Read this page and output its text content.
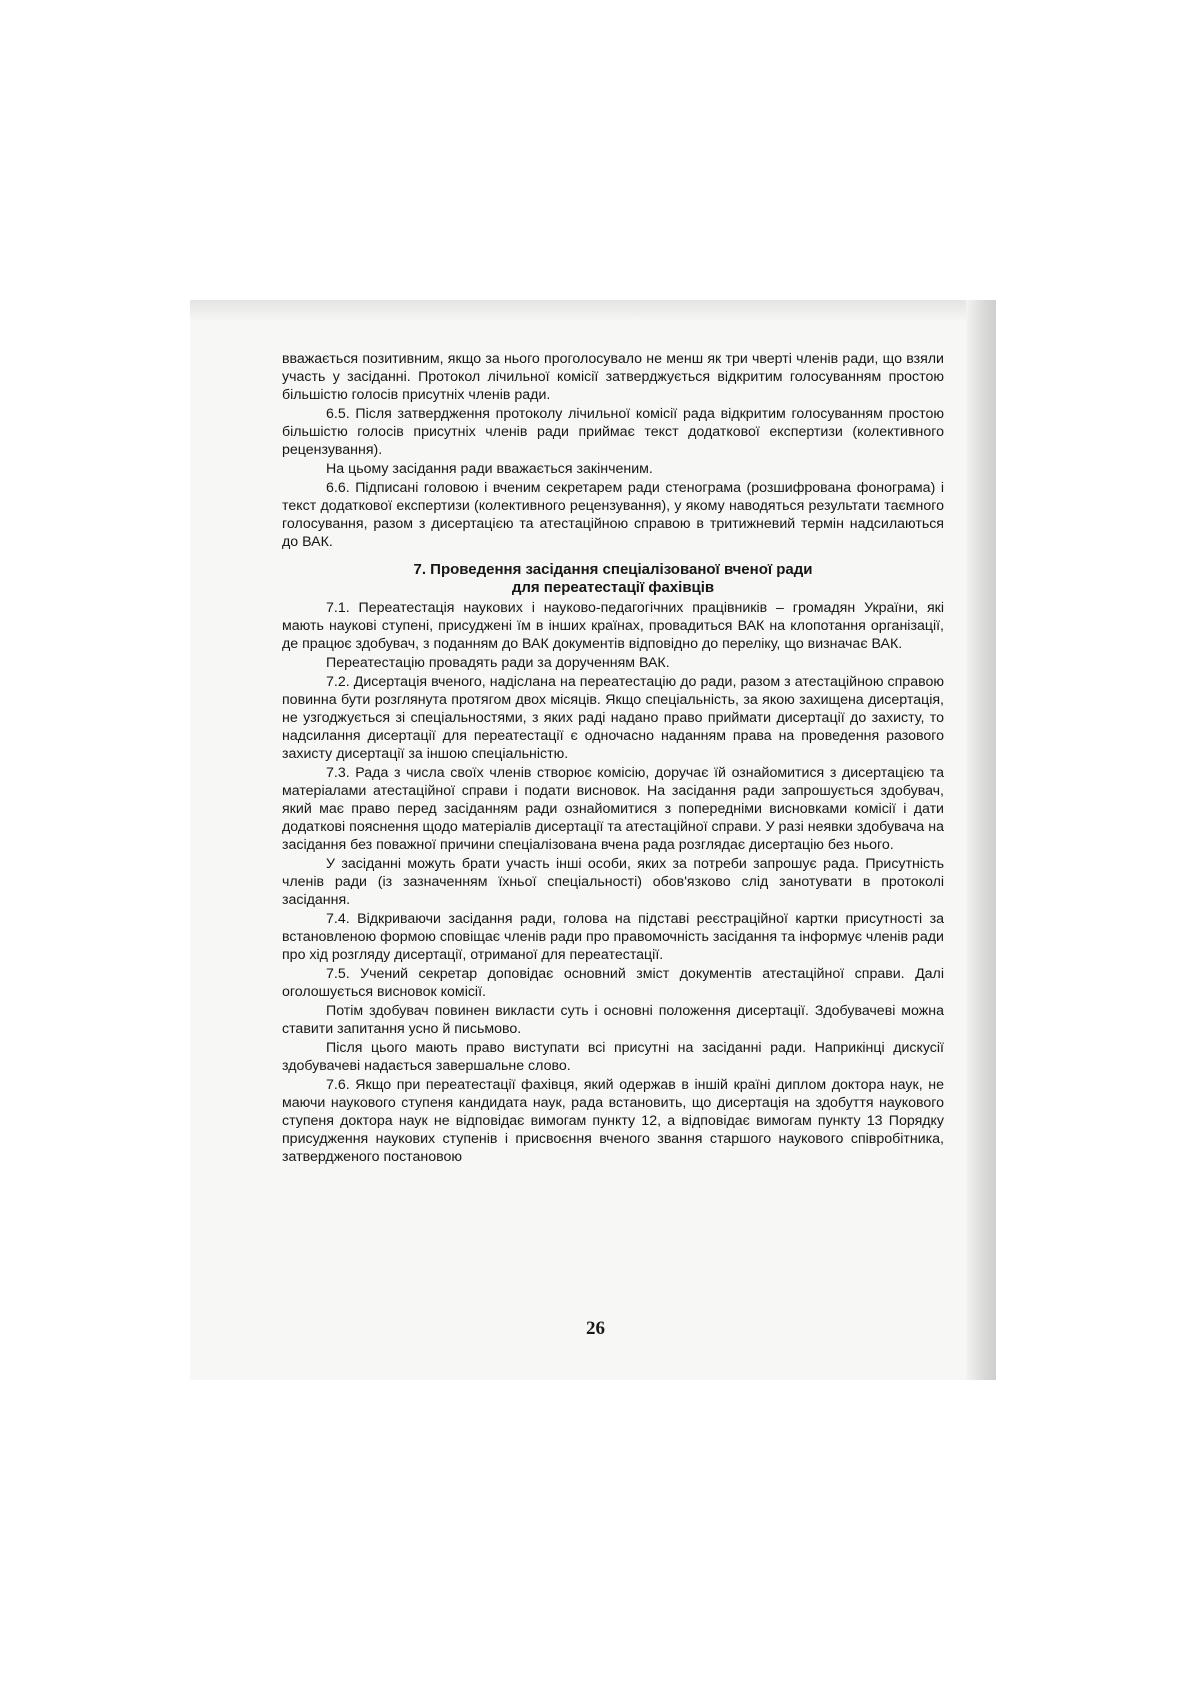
вважається позитивним, якщо за нього проголосувало не менш як три чверті членів ради, що взяли участь у засіданні. Протокол лічильної комісії затверджується відкритим голосуванням простою більшістю голосів присутніх членів ради.

6.5. Після затвердження протоколу лічильної комісії рада відкритим голосуванням простою більшістю голосів присутніх членів ради приймає текст додаткової експертизи (колективного рецензування).

На цьому засідання ради вважається закінченим.

6.6. Підписані головою і вченим секретарем ради стенограма (розшифрована фонограма) і текст додаткової експертизи (колективного рецензування), у якому наводяться результати таємного голосування, разом з дисертацією та атестаційною справою в тритижневий термін надсилаються до ВАК.

7. Проведення засідання спеціалізованої вченої ради
для переатестації фахівців

7.1. Переатестація наукових і науково-педагогічних працівників – громадян України, які мають наукові ступені, присуджені їм в інших країнах, провадиться ВАК на клопотання організації, де працює здобувач, з поданням до ВАК документів відповідно до переліку, що визначає ВАК.

Переатестацію провадять ради за дорученням ВАК.

7.2. Дисертація вченого, надіслана на переатестацію до ради, разом з атестаційною справою повинна бути розглянута протягом двох місяців. Якщо спеціальність, за якою захищена дисертація, не узгоджується зі спеціальностями, з яких раді надано право приймати дисертації до захисту, то надсилання дисертації для переатестації є одночасно наданням права на проведення разового захисту дисертації за іншою спеціальністю.

7.3. Рада з числа своїх членів створює комісію, доручає їй ознайомитися з дисертацією та матеріалами атестаційної справи і подати висновок. На засідання ради запрошується здобувач, який має право перед засіданням ради ознайомитися з попередніми висновками комісії і дати додаткові пояснення щодо матеріалів дисертації та атестаційної справи. У разі неявки здобувача на засідання без поважної причини спеціалізована вчена рада розглядає дисертацію без нього.

У засіданні можуть брати участь інші особи, яких за потреби запрошує рада. Присутність членів ради (із зазначенням їхньої спеціальності) обов'язково слід занотувати в протоколі засідання.

7.4. Відкриваючи засідання ради, голова на підставі реєстраційної картки присутності за встановленою формою сповіщає членів ради про правомочність засідання та інформує членів ради про хід розгляду дисертації, отриманої для переатестації.

7.5. Учений секретар доповідає основний зміст документів атестаційної справи. Далі оголошується висновок комісії.

Потім здобувач повинен викласти суть і основні положення дисертації. Здобувачеві можна ставити запитання усно й письмово.

Після цього мають право виступати всі присутні на засіданні ради. Наприкінці дискусії здобувачеві надається завершальне слово.

7.6. Якщо при переатестації фахівця, який одержав в іншій країні диплом доктора наук, не маючи наукового ступеня кандидата наук, рада встановить, що дисертація на здобуття наукового ступеня доктора наук не відповідає вимогам пункту 12, а відповідає вимогам пункту 13 Порядку присудження наукових ступенів і присвоєння вченого звання старшого наукового співробітника, затвердженого постановою

26
